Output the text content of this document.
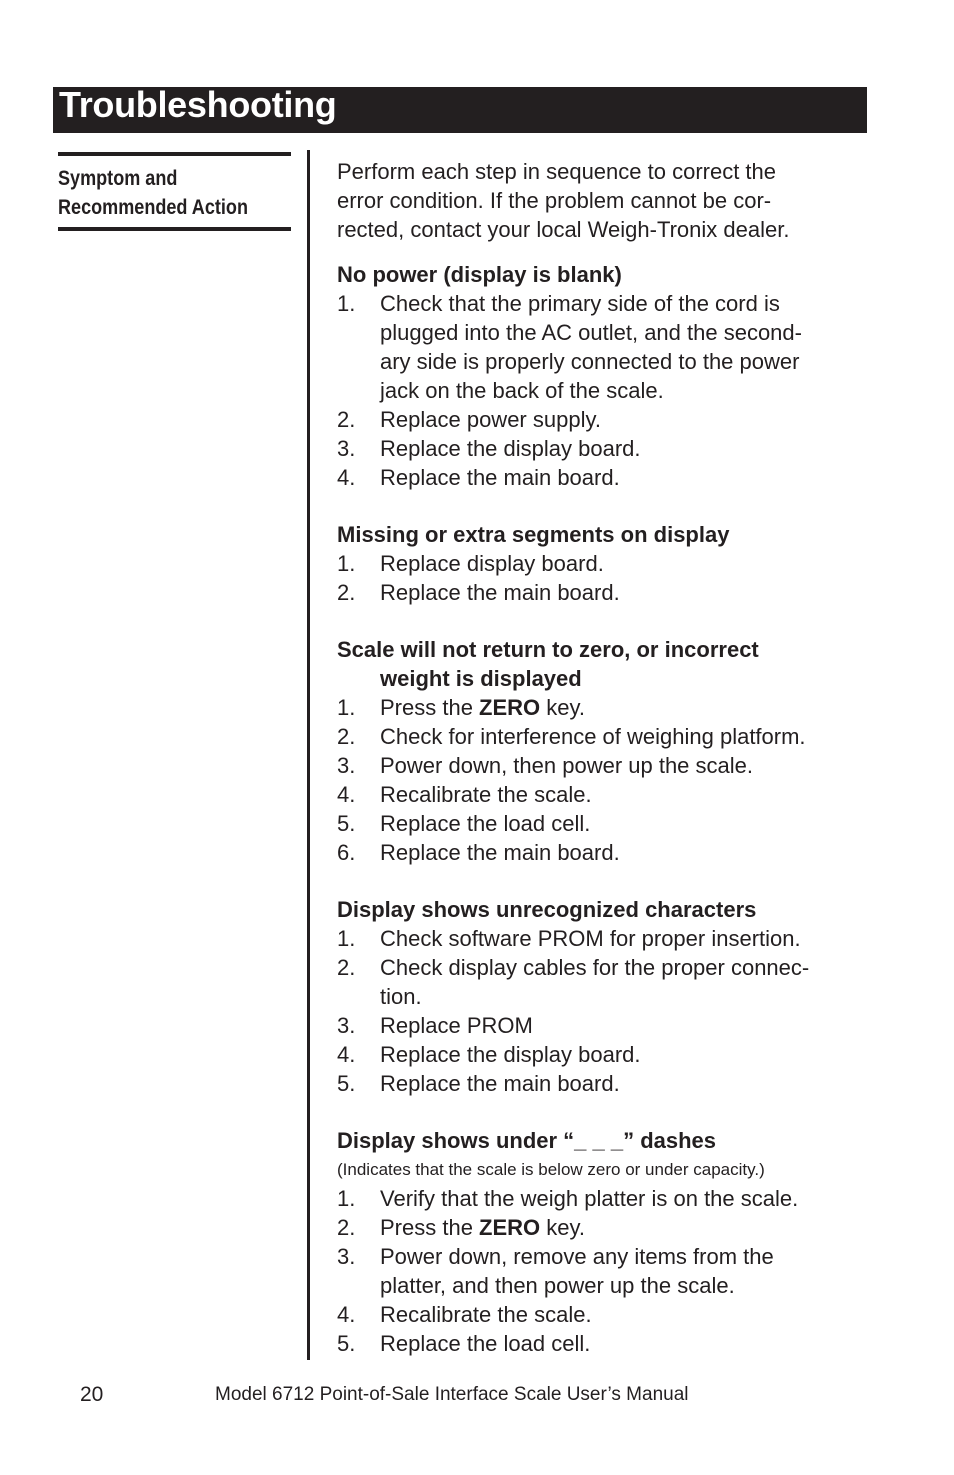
Troubleshooting
Symptom and
Recommended Action
Perform each step in sequence to correct the
error condition. If the problem cannot be cor-
rected, contact your local Weigh-Tronix dealer.
No power (display is blank)
1. Check that the primary side of the cord is
plugged into the AC outlet, and the second-
ary side is properly connected to the power
jack on the back of the scale.
2. Replace power supply.
3. Replace the display board.
4. Replace the main board.
Missing or extra segments on display
1. Replace display board.
2. Replace the main board.
Scale will not return to zero, or incorrect
weight is displayed
1. Press the ZERO key.
2. Check for interference of weighing platform.
3. Power down, then power up the scale.
4. Recalibrate the scale.
5. Replace the load cell.
6. Replace the main board.
Display shows unrecognized characters
1. Check software PROM for proper insertion.
2. Check display cables for the proper connec-
tion.
3. Replace PROM
4. Replace the display board.
5. Replace the main board.
Display shows under “_ _ _” dashes
(Indicates that the scale is below zero or under capacity.)
1. Verify that the weigh platter is on the scale.
2. Press the ZERO key.
3. Power down, remove any items from the
platter, and then power up the scale.
4. Recalibrate the scale.
5. Replace the load cell.
20	Model 6712 Point-of-Sale Interface Scale User’s Manual
